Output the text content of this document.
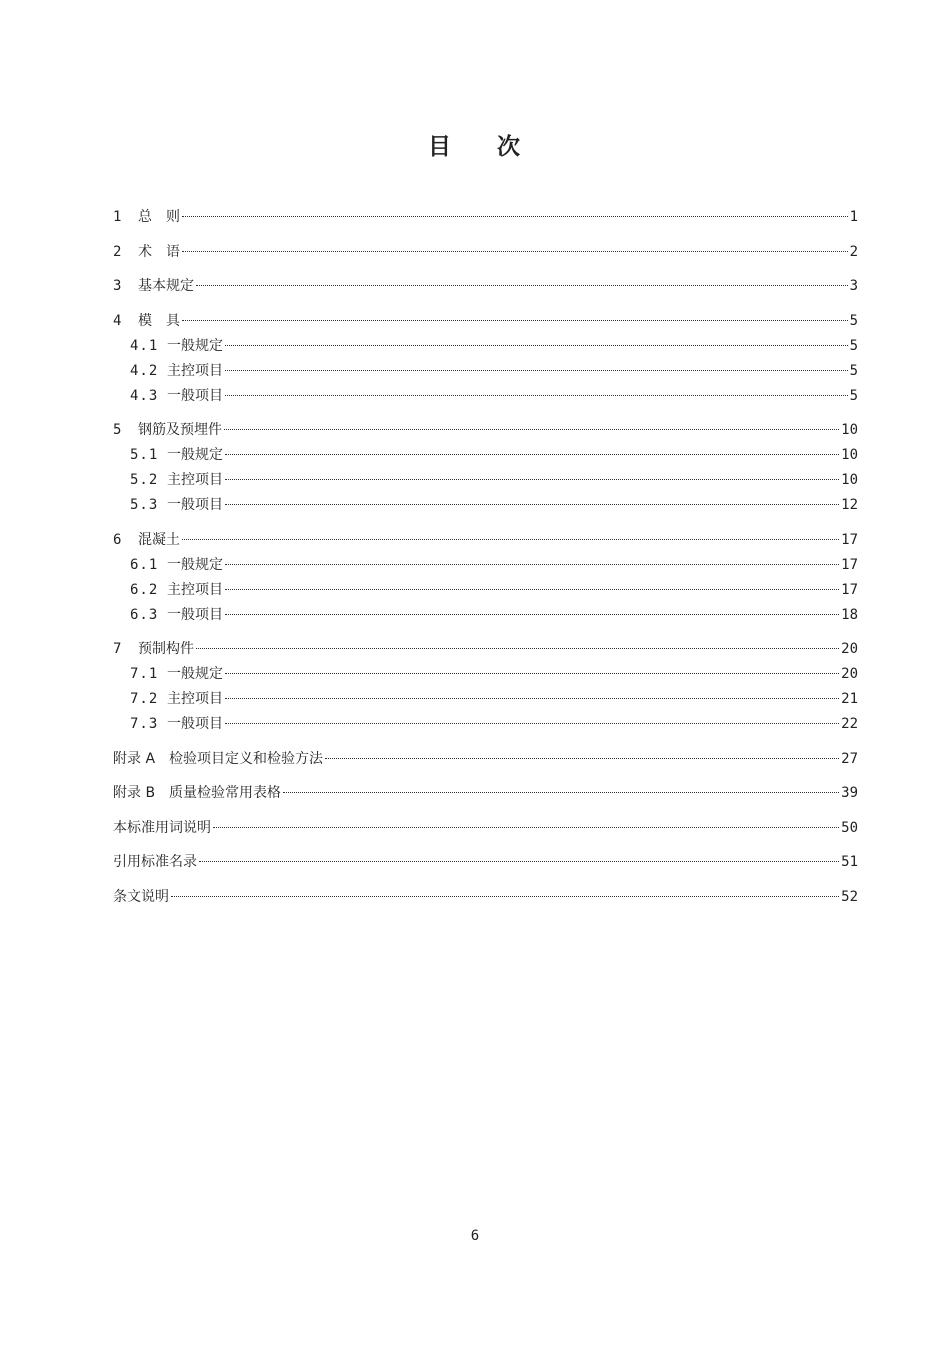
目 次
1	总　则	1
2	术　语	2
3	基本规定	3
4	模　具	5
4.1 一般规定	5
4.2 主控项目	5
4.3 一般项目	5
5	钢筋及预埋件	10
5.1 一般规定	10
5.2 主控项目	10
5.3 一般项目	12
6	混凝土	17
6.1 一般规定	17
6.2 主控项目	17
6.3 一般项目	18
7	预制构件	20
7.1 一般规定	20
7.2 主控项目	21
7.3 一般项目	22
附录 A　检验项目定义和检验方法	27
附录 B　质量检验常用表格	39
本标准用词说明	50
引用标准名录	51
条文说明	52
6
